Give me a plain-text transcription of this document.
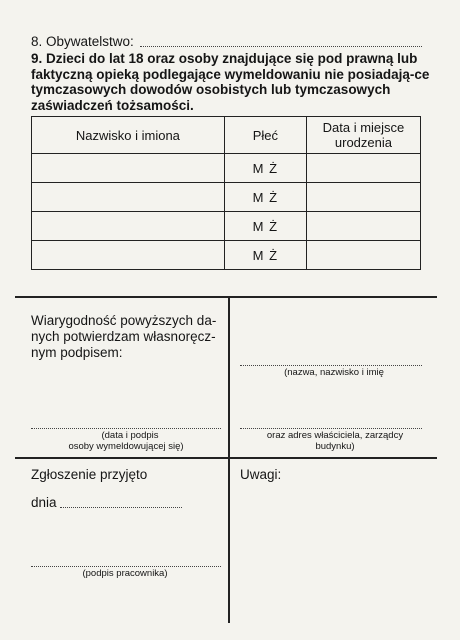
8. Obywatelstwo:
9. Dzieci do lat 18 oraz osoby znajdujące się pod prawną lub faktyczną opieką podlegające wymeldowaniu nie posiadają-ce tymczasowych dowodów osobistych lub tymczasowych zaświadczeń tożsamości.
Nazwisko i imiona	Płeć	Data i miejsce urodzenia
	M Ż	
	M Ż	
	M Ż	
	M Ż	
Wiarygodność powyższych da-nych potwierdzam własnoręcz-nym podpisem:
(nazwa, nazwisko i imię
(data i podpis
osoby wymeldowującej się)
oraz adres właściciela, zarządcy
budynku)
Zgłoszenie przyjęto
dnia
(podpis pracownika)
Uwagi:
